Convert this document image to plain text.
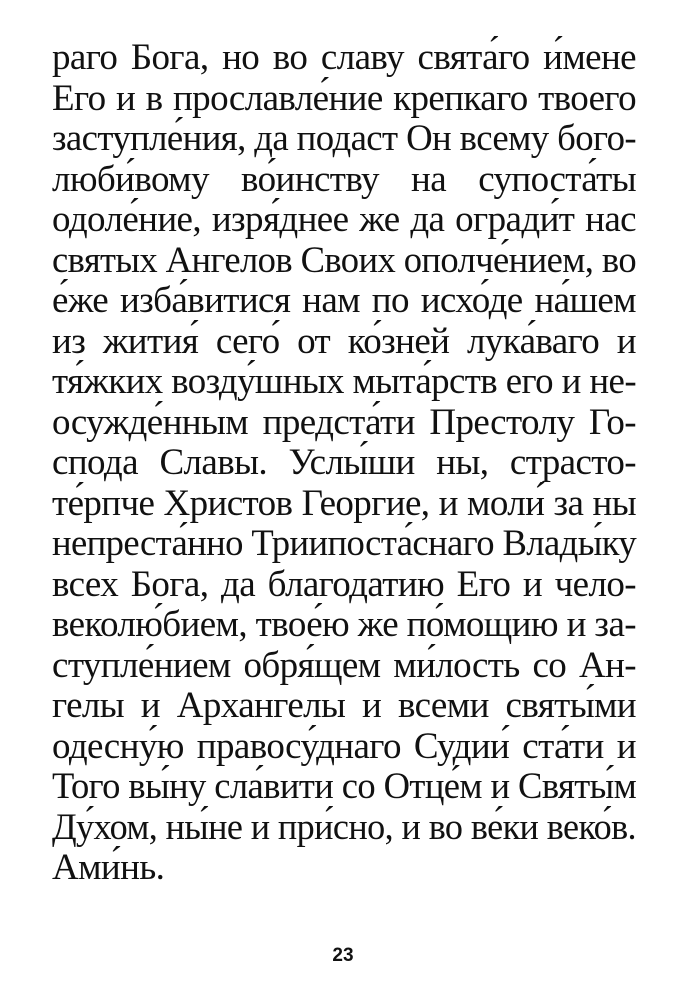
раго Бога, но во славу свята́го и́мене
Его и в прославле́ние крепкаго твоего
заступле́ния, да подаст Он всему бого-
люби́вому во́инству на супоста́ты
одоле́ние, изря́днее же да огради́т нас
святых Ангелов Своих ополче́нием, во
е́же изба́витися нам по исхо́де на́шем
из жития́ сего́ от ко́зней лука́ваго и
тя́жких возду́шных мыта́рств его и не-
осужде́нным предста́ти Престолу Го-
спода Славы. Услы́ши ны, страсто-
те́рпче Христов Георгие, и моли́ за ны
непреста́нно Триипоста́снаго Влады́ку
всех Бога, да благодатию Его и чело-
веколю́бием, твое́ю же по́мощию и за-
ступле́нием обря́щем ми́лость со Ан-
гелы и Архангелы и всеми святы́ми
одесну́ю правосу́днаго Судии́ ста́ти и
Того вы́ну сла́вити со Отце́м и Святы́м
Ду́хом, ны́не и при́сно, и во ве́ки веко́в.
Ами́нь.
23
